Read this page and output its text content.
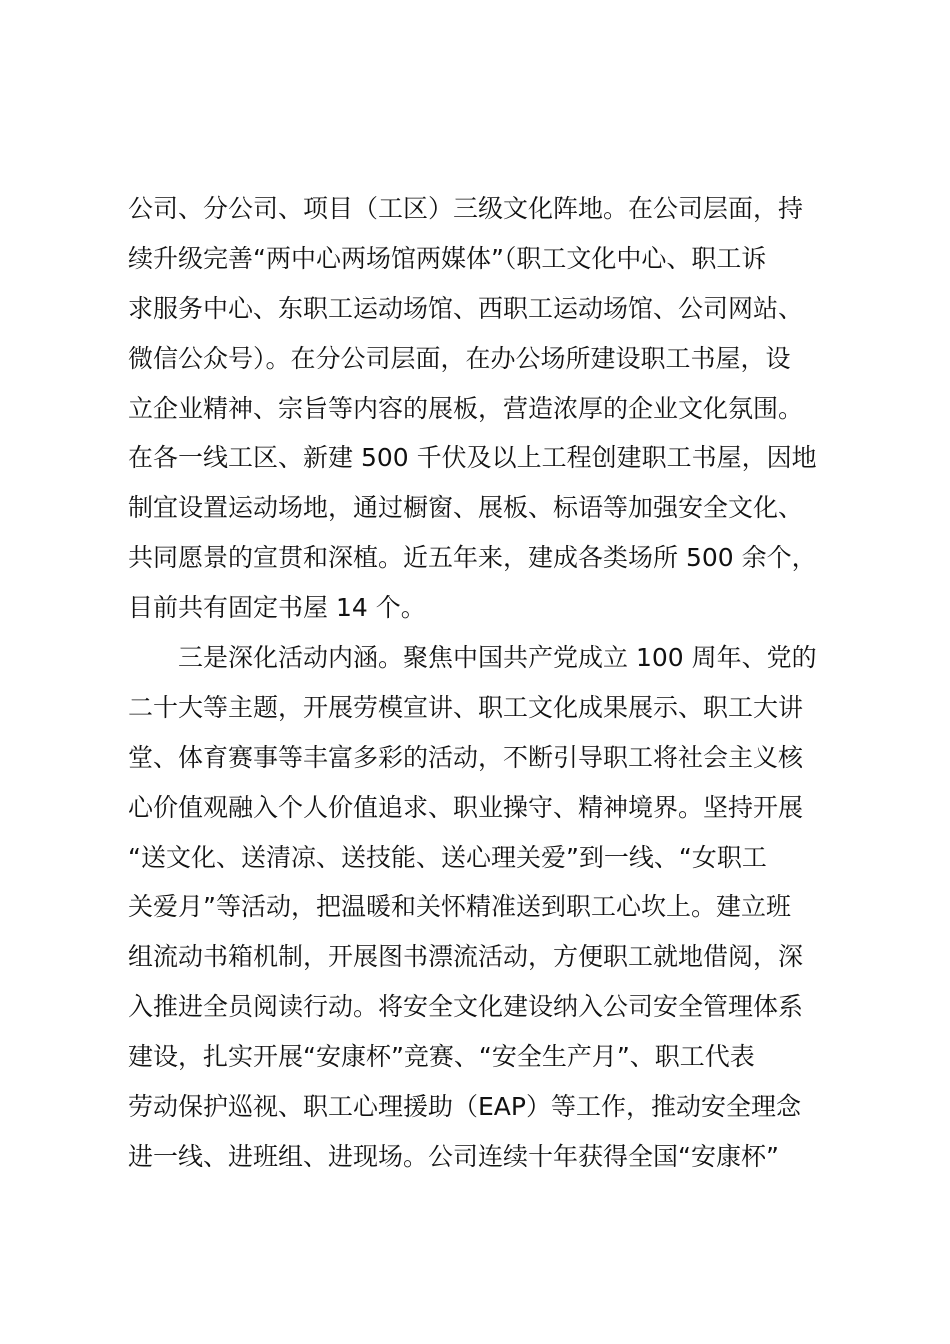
公司、分公司、项目（工区）三级文化阵地。在公司层面，持
续升级完善“两中心两场馆两媒体”（职工文化中心、职工诉
求服务中心、东职工运动场馆、西职工运动场馆、公司网站、
微信公众号）。在分公司层面，在办公场所建设职工书屋，设
立企业精神、宗旨等内容的展板，营造浓厚的企业文化氛围。
在各一线工区、新建 500 千伏及以上工程创建职工书屋，因地
制宜设置运动场地，通过橱窗、展板、标语等加强安全文化、
共同愿景的宣贯和深植。近五年来，建成各类场所 500 余个，
目前共有固定书屋 14 个。
三是深化活动内涵。聚焦中国共产党成立 100 周年、党的
二十大等主题，开展劳模宣讲、职工文化成果展示、职工大讲
堂、体育赛事等丰富多彩的活动，不断引导职工将社会主义核
心价值观融入个人价值追求、职业操守、精神境界。坚持开展
“送文化、送清凉、送技能、送心理关爱”到一线、“女职工
关爱月”等活动，把温暖和关怀精准送到职工心坎上。建立班
组流动书箱机制，开展图书漂流活动，方便职工就地借阅，深
入推进全员阅读行动。将安全文化建设纳入公司安全管理体系
建设，扎实开展“安康杯”竞赛、“安全生产月”、职工代表
劳动保护巡视、职工心理援助（EAP）等工作，推动安全理念
进一线、进班组、进现场。公司连续十年获得全国“安康杯”
